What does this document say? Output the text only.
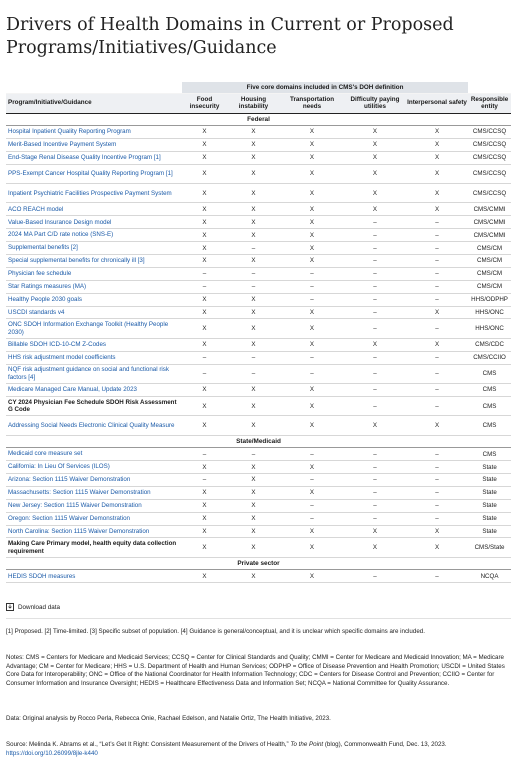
Drivers of Health Domains in Current or Proposed Programs/Initiatives/Guidance
	Five core domains included in CMS's DOH definition					
Program/Initiative/Guidance	Food insecurity	Housing instability	Transportation needs	Difficulty paying utilities	Interpersonal safety	Responsible entity
Federal						
Hospital Inpatient Quality Reporting Program	X	X	X	X	X	CMS/CCSQ
Merit-Based Incentive Payment System	X	X	X	X	X	CMS/CCSQ
End-Stage Renal Disease Quality Incentive Program [1]	X	X	X	X	X	CMS/CCSQ
PPS-Exempt Cancer Hospital Quality Reporting Program [1]	X	X	X	X	X	CMS/CCSQ
Inpatient Psychiatric Facilities Prospective Payment System	X	X	X	X	X	CMS/CCSQ
ACO REACH model	X	X	X	X	X	CMS/CMMI
Value-Based Insurance Design model	X	X	X	–	–	CMS/CMMI
2024 MA Part C/D rate notice (SNS-E)	X	X	X	–	–	CMS/CMMI
Supplemental benefits [2]	X	–	X	–	–	CMS/CM
Special supplemental benefits for chronically ill [3]	X	X	X	–	–	CMS/CM
Physician fee schedule	–	–	–	–	–	CMS/CM
Star Ratings measures (MA)	–	–	–	–	–	CMS/CM
Healthy People 2030 goals	X	X	–	–	–	HHS/ODPHP
USCDI standards v4	X	X	X	–	X	HHS/ONC
ONC SDOH Information Exchange Toolkit (Healthy People 2030)	X	X	X	–	–	HHS/ONC
Billable SDOH ICD-10-CM Z-Codes	X	X	X	X	X	CMS/CDC
HHS risk adjustment model coefficients	–	–	–	–	–	CMS/CCIIO
NQF risk adjustment guidance on social and functional risk factors [4]	–	–	–	–	–	CMS
Medicare Managed Care Manual, Update 2023	X	X	X	–	–	CMS
CY 2024 Physician Fee Schedule SDOH Risk Assessment G Code	X	X	X	–	–	CMS
Addressing Social Needs Electronic Clinical Quality Measure	X	X	X	X	X	CMS
State/Medicaid						
Medicaid core measure set	–	–	–	–	–	CMS
California: In Lieu Of Services (ILOS)	X	X	X	–	–	State
Arizona: Section 1115 Waiver Demonstration	–	X	–	–	–	State
Massachusetts: Section 1115 Waiver Demonstration	X	X	X	–	–	State
New Jersey: Section 1115 Waiver Demonstration	X	X	–	–	–	State
Oregon: Section 1115 Waiver Demonstration	X	X	–	–	–	State
North Carolina: Section 1115 Waiver Demonstration	X	X	X	X	X	State
Making Care Primary model, health equity data collection requirement	X	X	X	X	X	CMS/State
Private sector						
HEDIS SDOH measures	X	X	X	–	–	NCQA
Download data
[1] Proposed. [2] Time-limited. [3] Specific subset of population. [4] Guidance is general/conceptual, and it is unclear which specific domains are included.
Notes: CMS = Centers for Medicare and Medicaid Services; CCSQ = Center for Clinical Standards and Quality; CMMI = Center for Medicare and Medicaid Innovation; MA = Medicare Advantage; CM = Center for Medicare; HHS = U.S. Department of Health and Human Services; ODPHP = Office of Disease Prevention and Health Promotion; USCDI = United States Core Data for Interoperability; ONC = Office of the National Coordinator for Health Information Technology; CDC = Centers for Disease Control and Prevention; CCIIO = Center for Consumer Information and Insurance Oversight; HEDIS = Healthcare Effectiveness Data and Information Set; NCQA = National Committee for Quality Assurance.
Data: Original analysis by Rocco Perla, Rebecca Onie, Rachael Edelson, and Natalie Ortiz, The Health Initiative, 2023.
Source: Melinda K. Abrams et al., “Let’s Get It Right: Consistent Measurement of the Drivers of Health,” To the Point (blog), Commonwealth Fund, Dec. 13, 2023. https://doi.org/10.26099/8jle-k440
